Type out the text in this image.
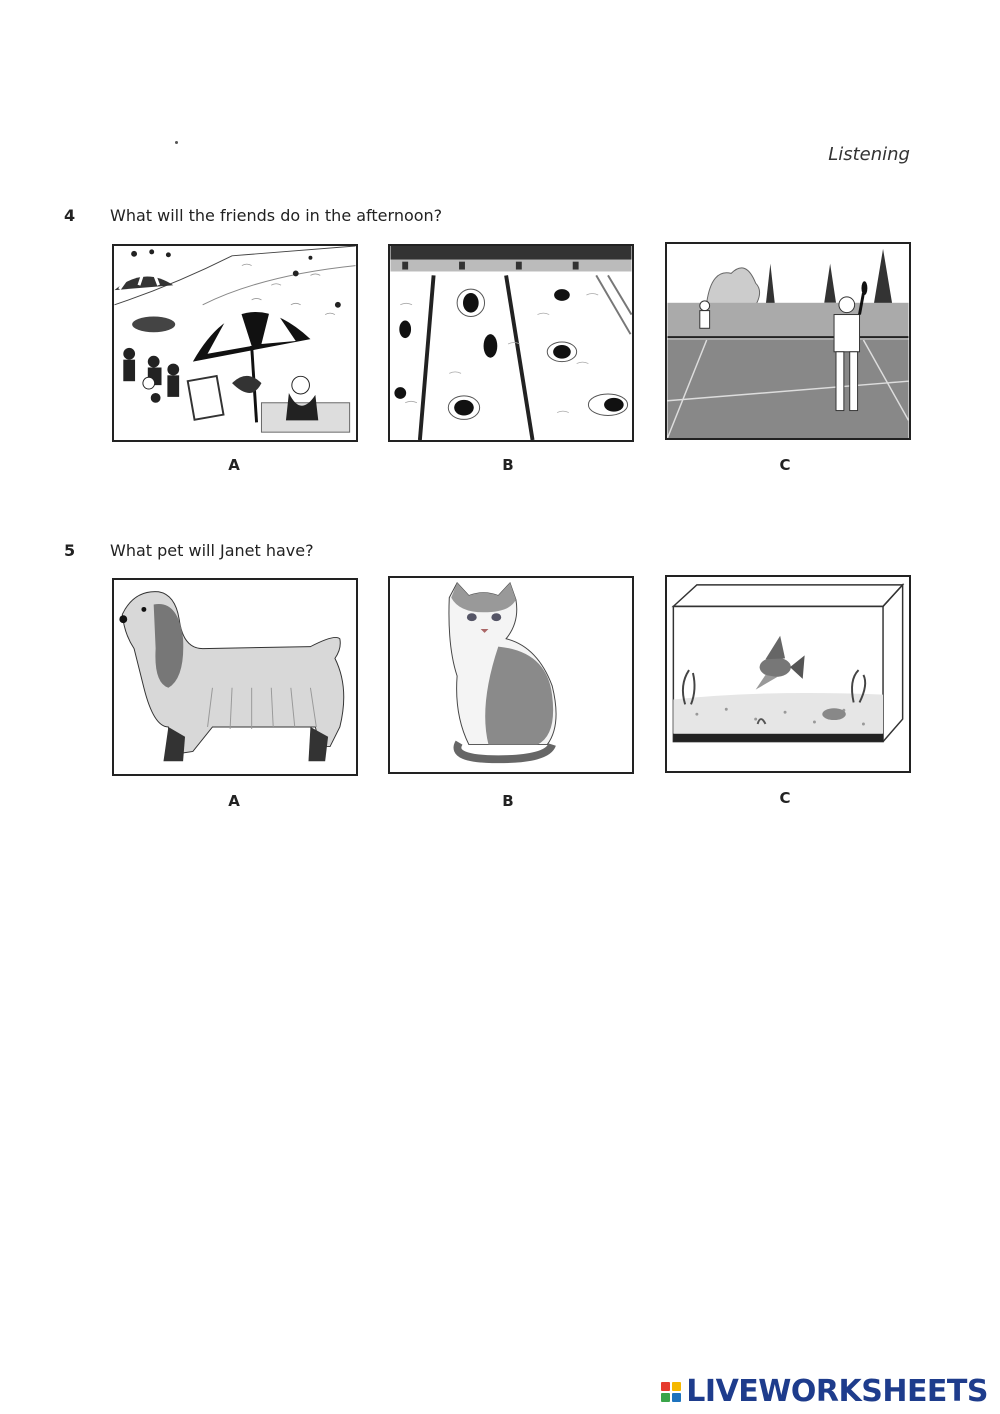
Listening
4 What will the friends do in the afternoon?
A	B	C
5 What pet will Janet have?
A	B	C
LIVEWORKSHEETS
